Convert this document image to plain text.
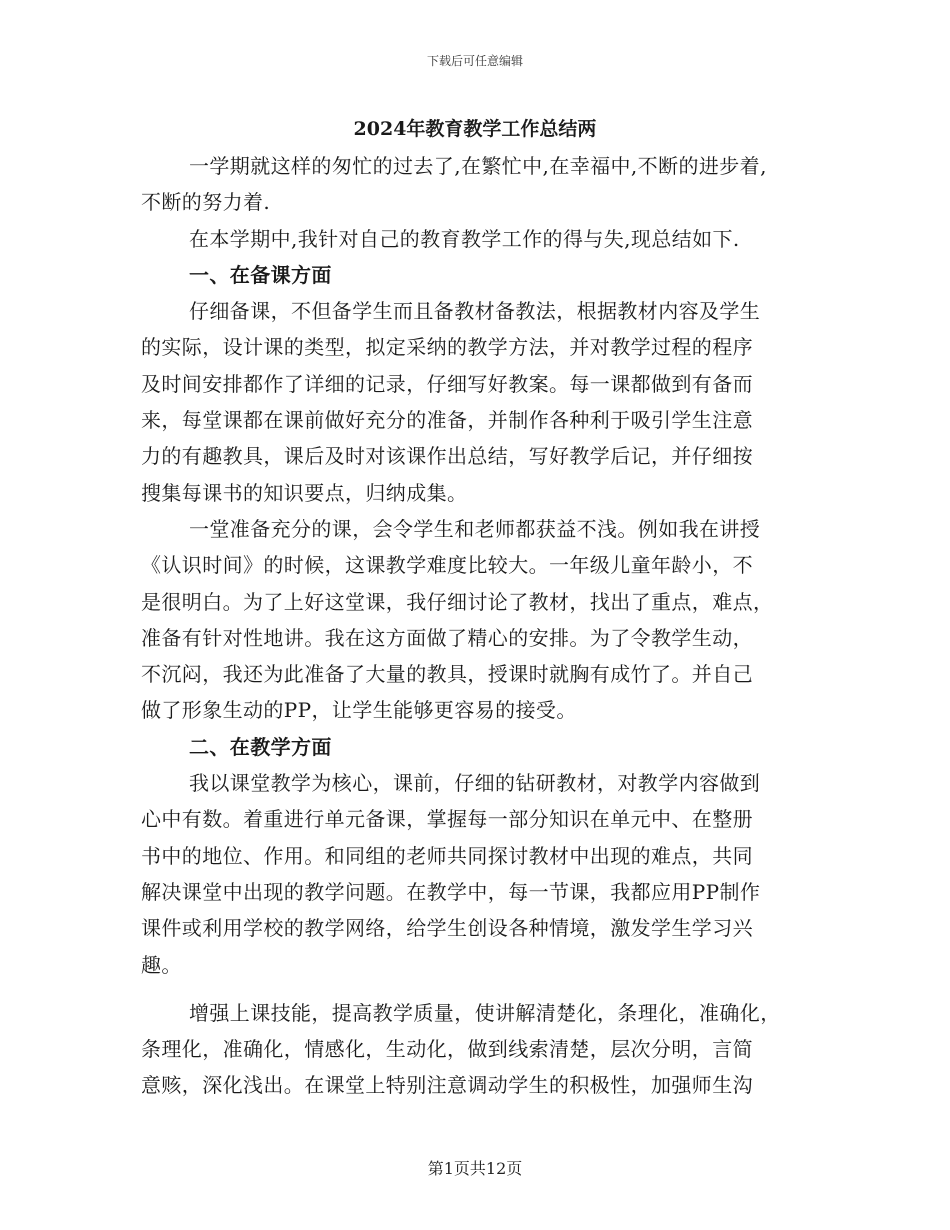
下载后可任意编辑
2024年教育教学工作总结两
一学期就这样的匆忙的过去了,在繁忙中,在幸福中,不断的进步着,
不断的努力着.
在本学期中,我针对自己的教育教学工作的得与失,现总结如下.
一、在备课方面
仔细备课，不但备学生而且备教材备教法，根据教材内容及学生
的实际，设计课的类型，拟定采纳的教学方法，并对教学过程的程序
及时间安排都作了详细的记录，仔细写好教案。每一课都做到有备而
来，每堂课都在课前做好充分的准备，并制作各种利于吸引学生注意
力的有趣教具，课后及时对该课作出总结，写好教学后记，并仔细按
搜集每课书的知识要点，归纳成集。
一堂准备充分的课，会令学生和老师都获益不浅。例如我在讲授
《认识时间》的时候，这课教学难度比较大。一年级儿童年龄小，不
是很明白。为了上好这堂课，我仔细讨论了教材，找出了重点，难点，
准备有针对性地讲。我在这方面做了精心的安排。为了令教学生动，
不沉闷，我还为此准备了大量的教具，授课时就胸有成竹了。并自己
做了形象生动的PP，让学生能够更容易的接受。
二、在教学方面
我以课堂教学为核心，课前，仔细的钻研教材，对教学内容做到
心中有数。着重进行单元备课，掌握每一部分知识在单元中、在整册
书中的地位、作用。和同组的老师共同探讨教材中出现的难点，共同
解决课堂中出现的教学问题。在教学中，每一节课，我都应用PP制作
课件或利用学校的教学网络，给学生创设各种情境，激发学生学习兴
趣。
增强上课技能，提高教学质量，使讲解清楚化，条理化，准确化，
条理化，准确化，情感化，生动化，做到线索清楚，层次分明，言简
意赅，深化浅出。在课堂上特别注意调动学生的积极性，加强师生沟
第1页共12页
